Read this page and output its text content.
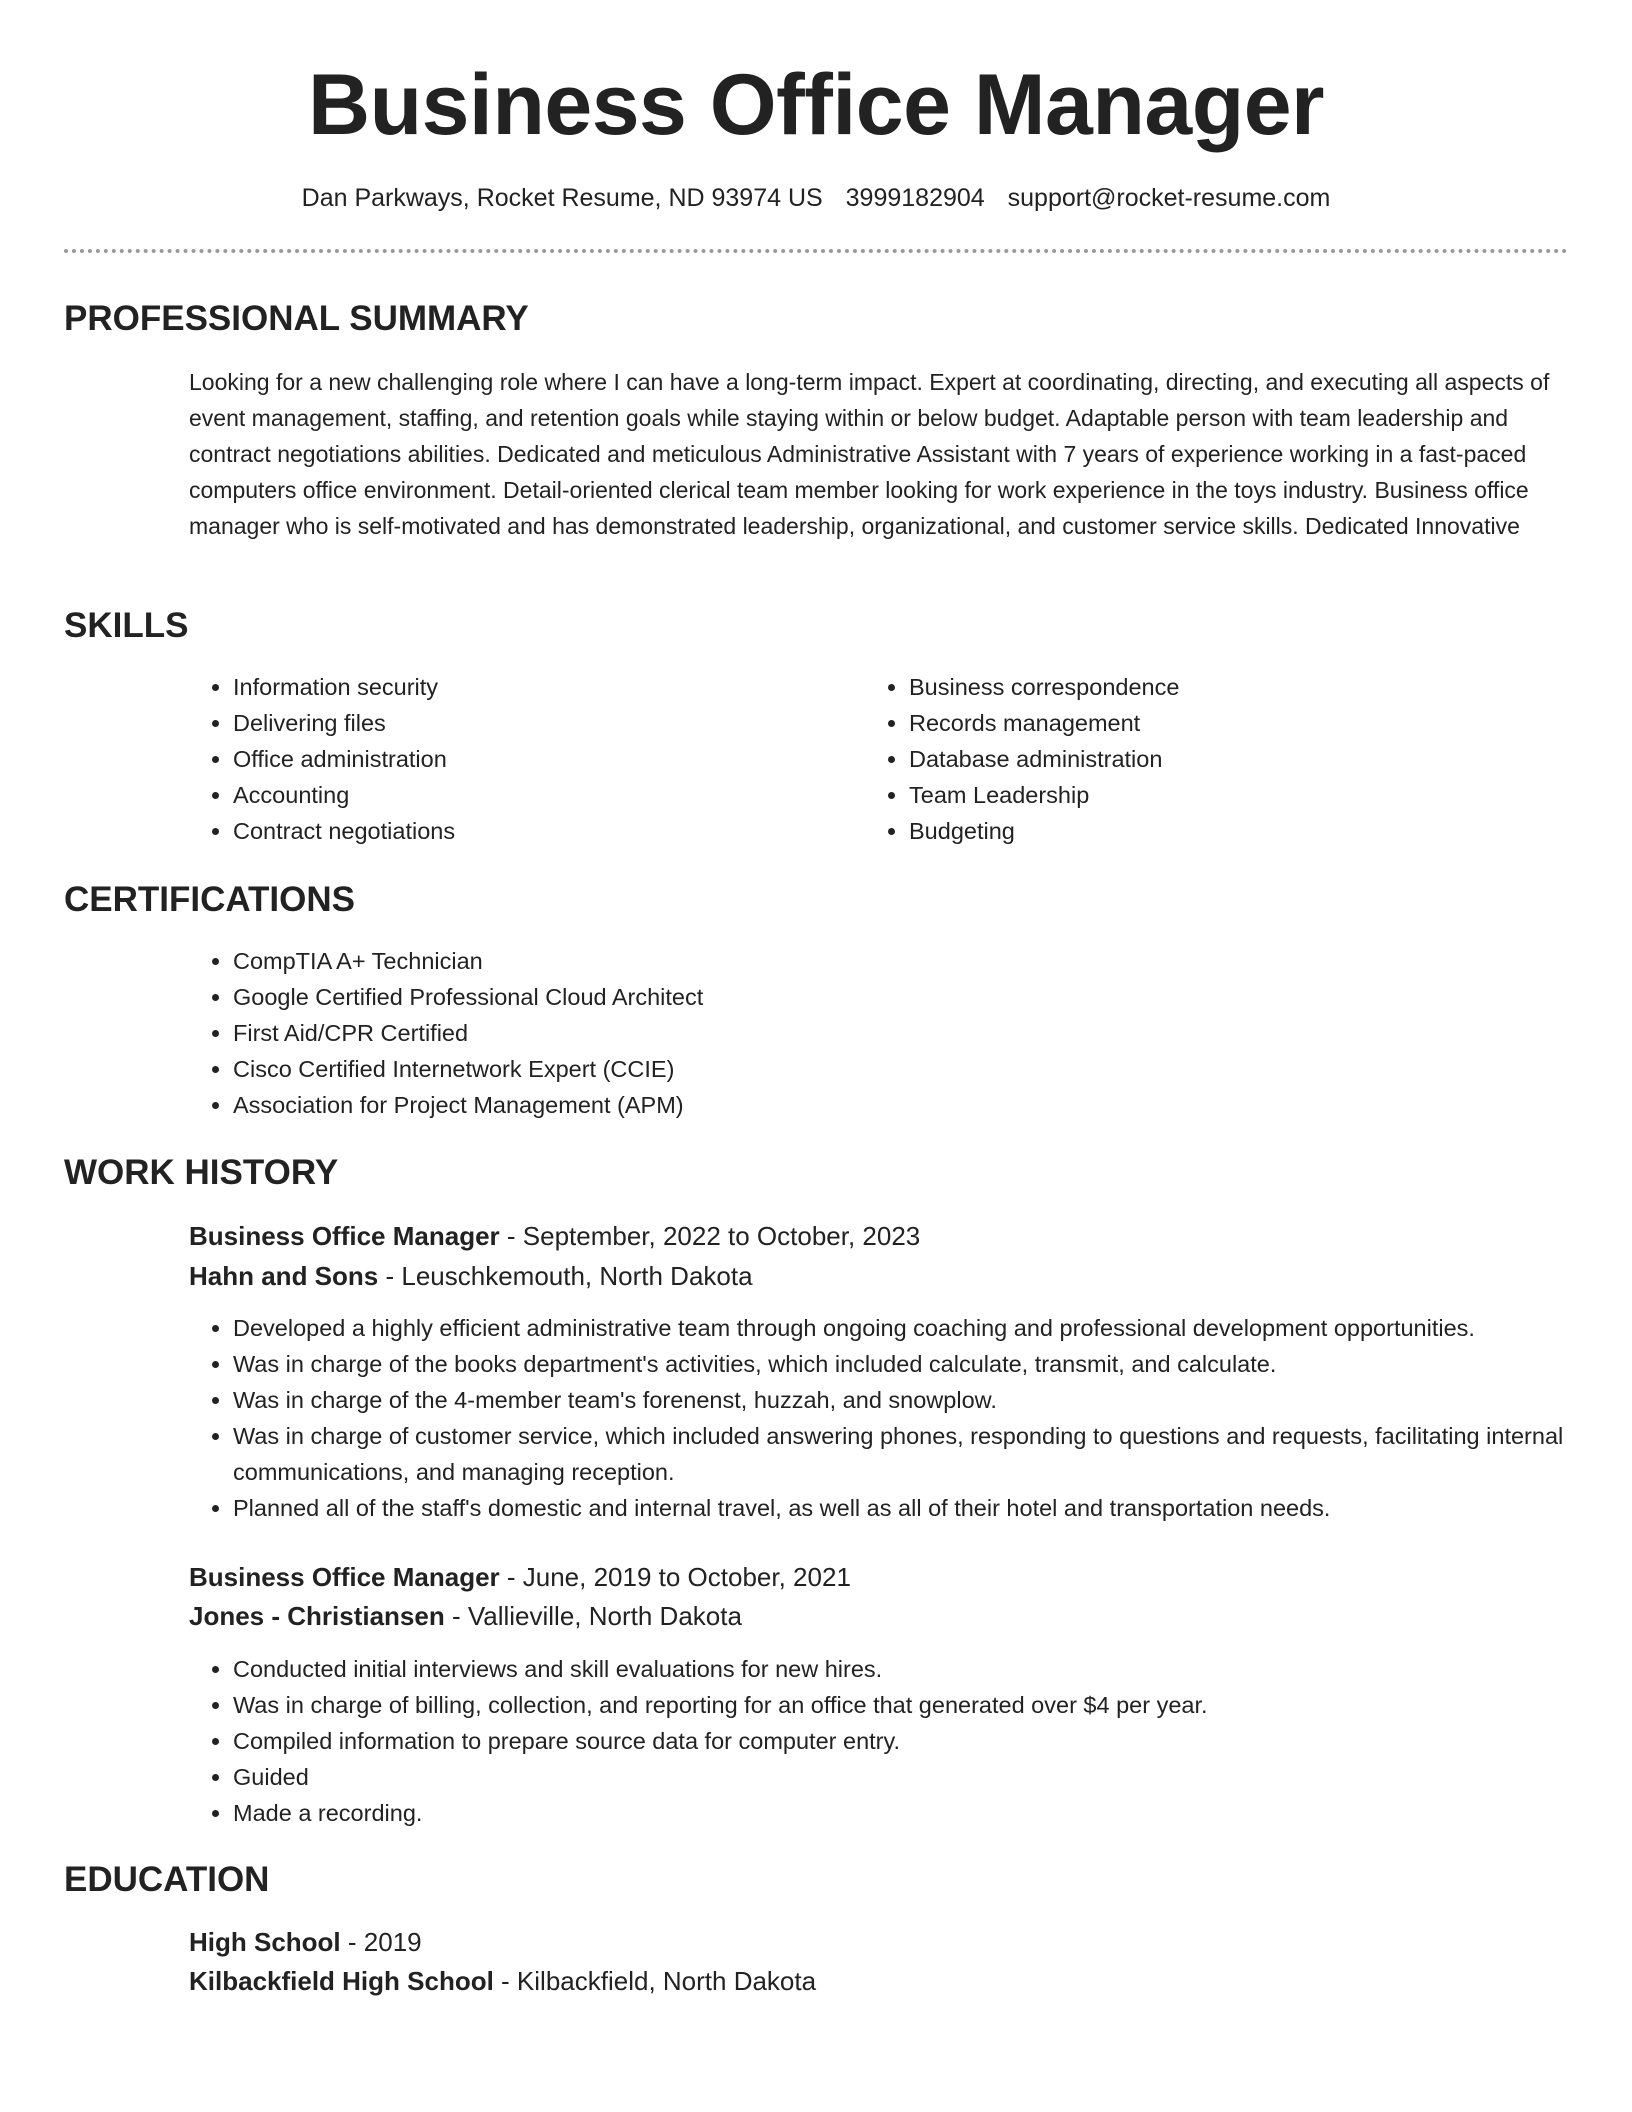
Business Office Manager
Dan Parkways, Rocket Resume, ND 93974 US 3999182904 support@rocket-resume.com
PROFESSIONAL SUMMARY

Looking for a new challenging role where I can have a long-term impact. Expert at coordinating, directing, and executing all aspects of event management, staffing, and retention goals while staying within or below budget. Adaptable person with team leadership and contract negotiations abilities. Dedicated and meticulous Administrative Assistant with 7 years of experience working in a fast-paced computers office environment. Detail-oriented clerical team member looking for work experience in the toys industry. Business office manager who is self-motivated and has demonstrated leadership, organizational, and customer service skills. Dedicated Innovative

SKILLS
• Information security
• Delivering files
• Office administration
• Accounting
• Contract negotiations
• Business correspondence
• Records management
• Database administration
• Team Leadership
• Budgeting
CERTIFICATIONS
• CompTIA A+ Technician
• Google Certified Professional Cloud Architect
• First Aid/CPR Certified
• Cisco Certified Internetwork Expert (CCIE)
• Association for Project Management (APM)
WORK HISTORY
Business Office Manager - September, 2022 to October, 2023
Hahn and Sons - Leuschkemouth, North Dakota
• Developed a highly efficient administrative team through ongoing coaching and professional development opportunities.
• Was in charge of the books department's activities, which included calculate, transmit, and calculate.
• Was in charge of the 4-member team's forenenst, huzzah, and snowplow.
• Was in charge of customer service, which included answering phones, responding to questions and requests, facilitating internal communications, and managing reception.
• Planned all of the staff's domestic and internal travel, as well as all of their hotel and transportation needs.
Business Office Manager - June, 2019 to October, 2021
Jones - Christiansen - Vallieville, North Dakota
• Conducted initial interviews and skill evaluations for new hires.
• Was in charge of billing, collection, and reporting for an office that generated over $4 per year.
• Compiled information to prepare source data for computer entry.
• Guided
• Made a recording.
EDUCATION
High School - 2019
Kilbackfield High School - Kilbackfield, North Dakota
